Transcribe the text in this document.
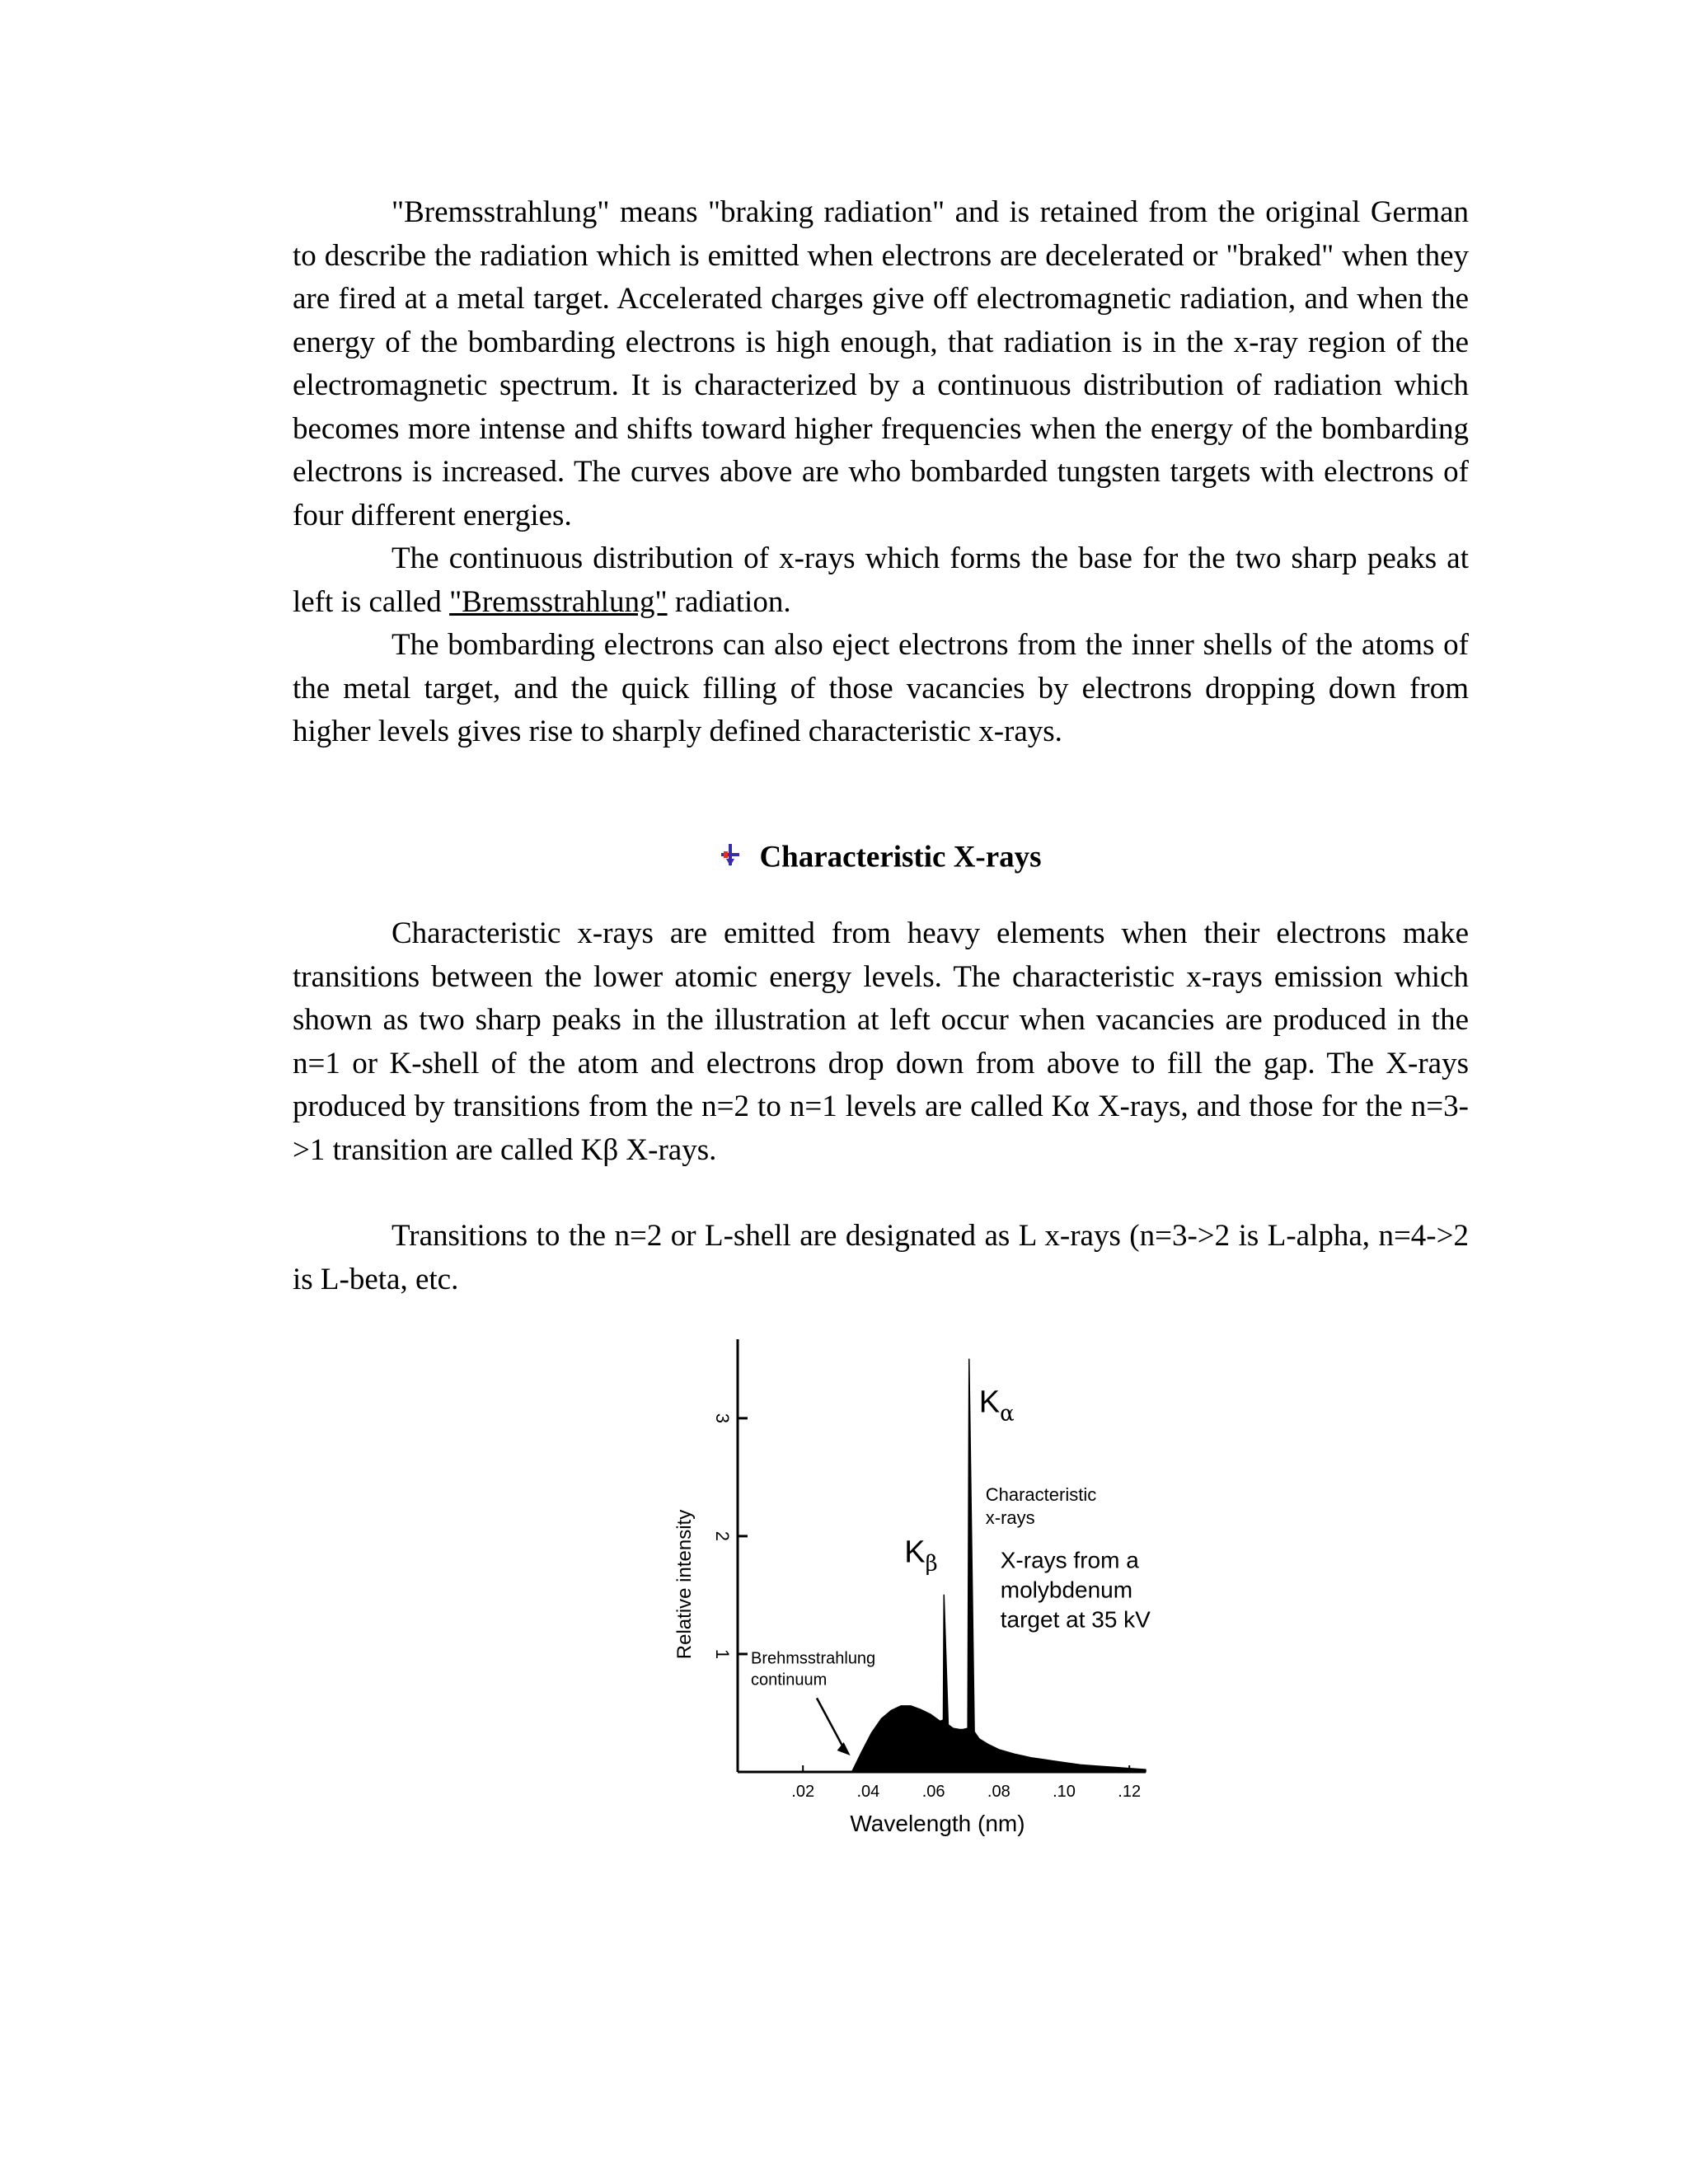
"Bremsstrahlung" means "braking radiation" and is retained from the original German to describe the radiation which is emitted when electrons are decelerated or "braked" when they are fired at a metal target. Accelerated charges give off electromagnetic radiation, and when the energy of the bombarding electrons is high enough, that radiation is in the x-ray region of the electromagnetic spectrum. It is characterized by a continuous distribution of radiation which becomes more intense and shifts toward higher frequencies when the energy of the bombarding electrons is increased. The curves above are who bombarded tungsten targets with electrons of four different energies.

The continuous distribution of x-rays which forms the base for the two sharp peaks at left is called "Bremsstrahlung" radiation.

The bombarding electrons can also eject electrons from the inner shells of the atoms of the metal target, and the quick filling of those vacancies by electrons dropping down from higher levels gives rise to sharply defined characteristic x-rays.

Characteristic X-rays

Characteristic x-rays are emitted from heavy elements when their electrons make transitions between the lower atomic energy levels. The characteristic x-rays emission which shown as two sharp peaks in the illustration at left occur when vacancies are produced in the n=1 or K-shell of the atom and electrons drop down from above to fill the gap. The X-rays produced by transitions from the n=2 to n=1 levels are called Kα X-rays, and those for the n=3->1 transition are called Kβ X-rays.

Transitions to the n=2 or L-shell are designated as L x-rays (n=3->2 is L-alpha, n=4->2 is L-beta, etc.

1
2
3
.02	.04	.06	.08	.10	.12
Wavelength (nm)
Relative intensity
$K_\alpha$
$K_\beta$
Characteristic
x-rays
X-rays from a
molybdenum
target at 35 kV
Brehmsstrahlung
continuum
